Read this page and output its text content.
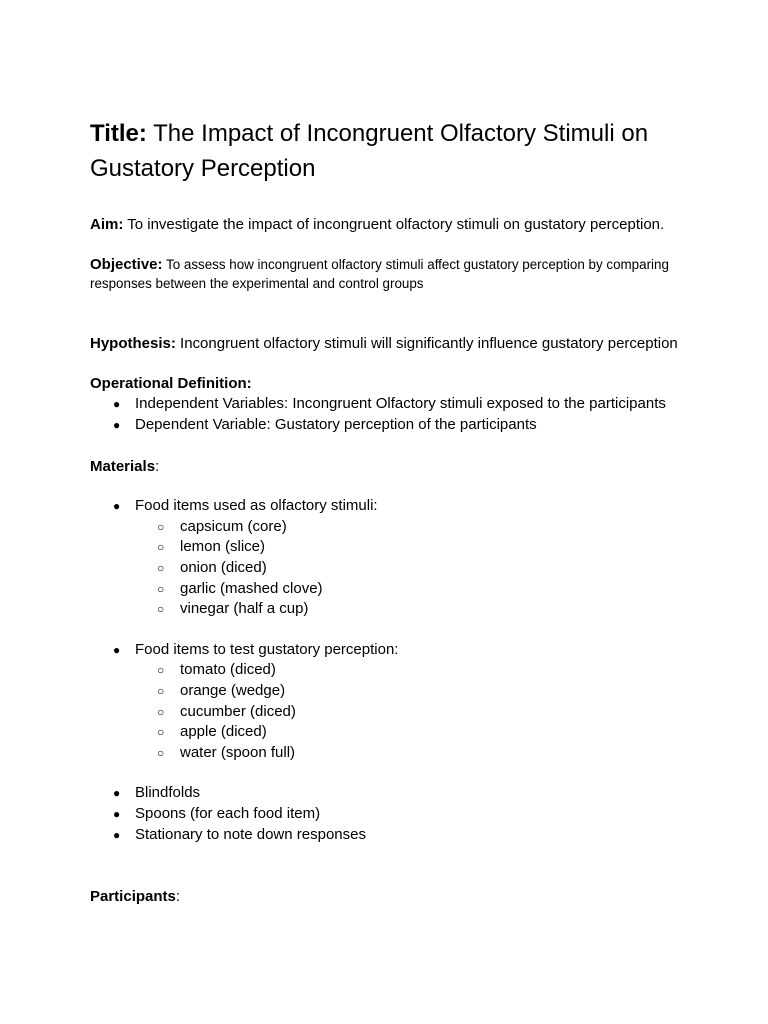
Title: The Impact of Incongruent Olfactory Stimuli on Gustatory Perception

Aim: To investigate the impact of incongruent olfactory stimuli on gustatory perception.

Objective: To assess how incongruent olfactory stimuli affect gustatory perception by comparing responses between the experimental and control groups

Hypothesis: Incongruent olfactory stimuli will significantly influence gustatory perception

Operational Definition:

● Independent Variables: Incongruent Olfactory stimuli exposed to the participants
● Dependent Variable: Gustatory perception of the participants

Materials:

● Food items used as olfactory stimuli:
○ capsicum (core)
○ lemon (slice)
○ onion (diced)
○ garlic (mashed clove)
○ vinegar (half a cup)
● Food items to test gustatory perception:
○ tomato (diced)
○ orange (wedge)
○ cucumber (diced)
○ apple (diced)
○ water (spoon full)
● Blindfolds
● Spoons (for each food item)
● Stationary to note down responses

Participants:
